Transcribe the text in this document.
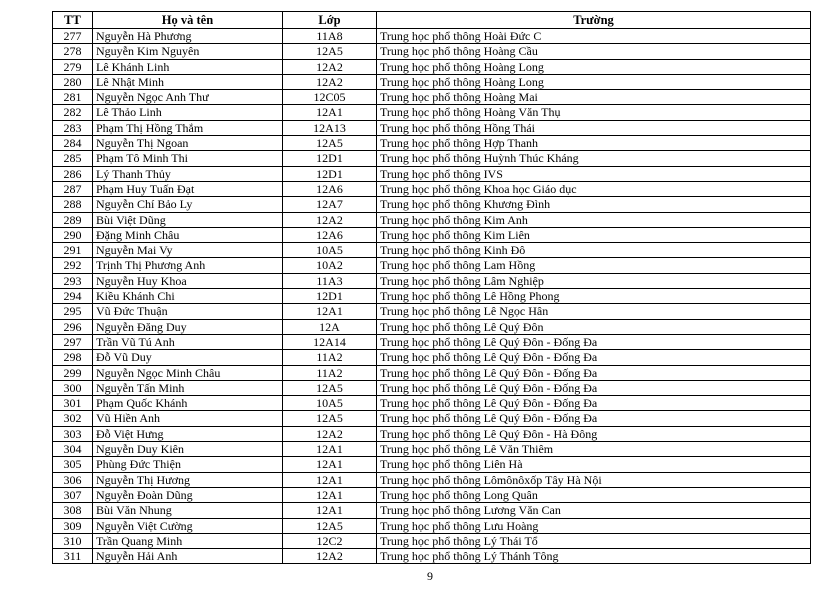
TT	Họ và tên	Lớp	Trường
277	Nguyễn Hà Phương	11A8	Trung học phổ thông Hoài Đức C
278	Nguyễn Kim Nguyên	12A5	Trung học phổ thông Hoàng Cầu
279	Lê Khánh Linh	12A2	Trung học phổ thông Hoàng Long
280	Lê Nhật Minh	12A2	Trung học phổ thông Hoàng Long
281	Nguyễn Ngọc Anh Thư	12C05	Trung học phổ thông Hoàng Mai
282	Lê Thảo Linh	12A1	Trung học phổ thông Hoàng Văn Thụ
283	Phạm Thị Hồng Thắm	12A13	Trung học phổ thông Hồng Thái
284	Nguyễn Thị Ngoan	12A5	Trung học phổ thông Hợp Thanh
285	Phạm Tô Minh Thi	12D1	Trung học phổ thông Huỳnh Thúc Kháng
286	Lý Thanh Thủy	12D1	Trung học phổ thông IVS
287	Phạm Huy Tuấn Đạt	12A6	Trung học phổ thông Khoa học Giáo dục
288	Nguyễn Chí Bảo Ly	12A7	Trung học phổ thông Khương Đình
289	Bùi Việt Dũng	12A2	Trung học phổ thông Kim Anh
290	Đặng Minh Châu	12A6	Trung học phổ thông Kim Liên
291	Nguyễn Mai Vy	10A5	Trung học phổ thông Kinh Đô
292	Trịnh Thị Phương Anh	10A2	Trung học phổ thông Lam Hồng
293	Nguyễn Huy Khoa	11A3	Trung học phổ thông Lâm Nghiệp
294	Kiều Khánh Chi	12D1	Trung học phổ thông Lê Hồng Phong
295	Vũ Đức Thuận	12A1	Trung học phổ thông Lê Ngọc Hân
296	Nguyễn Đăng Duy	12A	Trung học phổ thông Lê Quý Đôn
297	Trần Vũ Tú Anh	12A14	Trung học phổ thông Lê Quý Đôn - Đống Đa
298	Đỗ Vũ Duy	11A2	Trung học phổ thông Lê Quý Đôn - Đống Đa
299	Nguyễn Ngọc Minh Châu	11A2	Trung học phổ thông Lê Quý Đôn - Đống Đa
300	Nguyễn Tấn Minh	12A5	Trung học phổ thông Lê Quý Đôn - Đống Đa
301	Phạm Quốc Khánh	10A5	Trung học phổ thông Lê Quý Đôn - Đống Đa
302	Vũ Hiền Anh	12A5	Trung học phổ thông Lê Quý Đôn - Đống Đa
303	Đỗ Việt Hưng	12A2	Trung học phổ thông Lê Quý Đôn - Hà Đông
304	Nguyễn Duy Kiên	12A1	Trung học phổ thông Lê Văn Thiêm
305	Phùng Đức Thiện	12A1	Trung học phổ thông Liên Hà
306	Nguyễn Thị Hương	12A1	Trung học phổ thông Lômônôxốp Tây Hà Nội
307	Nguyễn Đoàn Dũng	12A1	Trung học phổ thông Long Quân
308	Bùi Văn Nhung	12A1	Trung học phổ thông Lương Văn Can
309	Nguyễn Việt Cường	12A5	Trung học phổ thông Lưu Hoàng
310	Trần Quang Minh	12C2	Trung học phổ thông Lý Thái Tổ
311	Nguyễn Hải Anh	12A2	Trung học phổ thông Lý Thánh Tông
9
